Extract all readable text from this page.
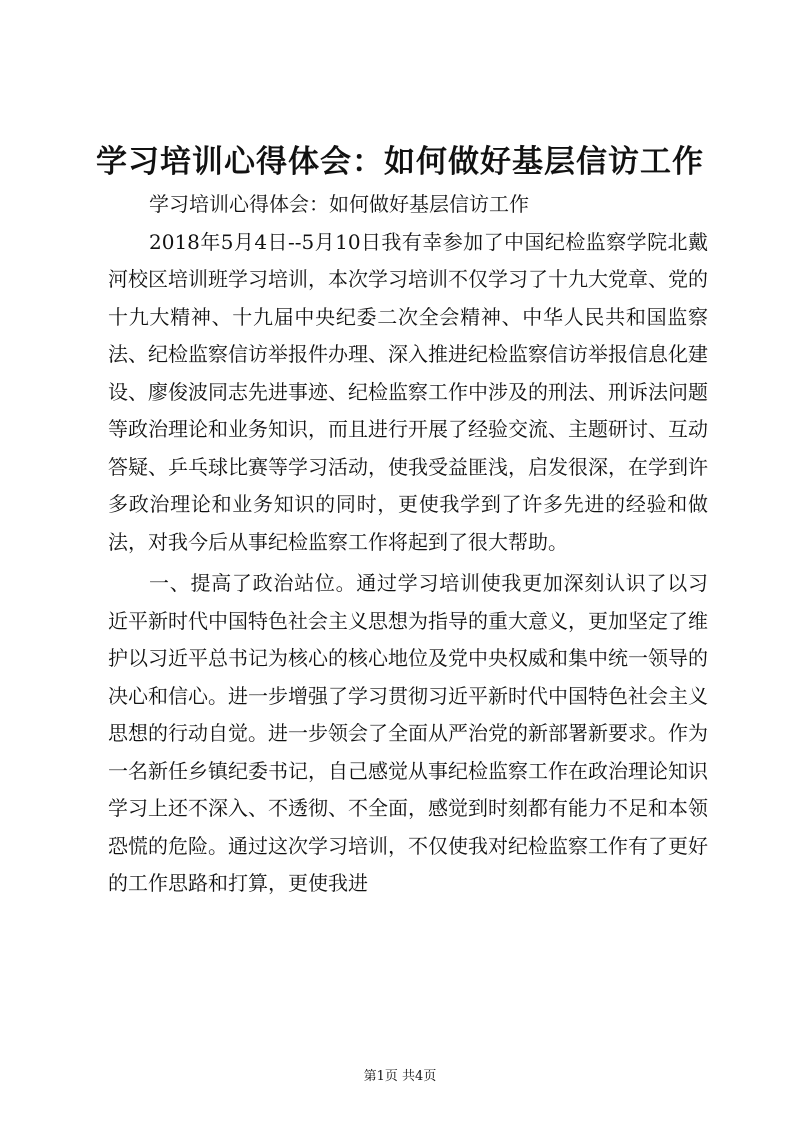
学习培训心得体会：如何做好基层信访工作

学习培训心得体会：如何做好基层信访工作

2018年5月4日--5月10日我有幸参加了中国纪检监察学院北戴河校区培训班学习培训，本次学习培训不仅学习了十九大党章、党的十九大精神、十九届中央纪委二次全会精神、中华人民共和国监察法、纪检监察信访举报件办理、深入推进纪检监察信访举报信息化建设、廖俊波同志先进事迹、纪检监察工作中涉及的刑法、刑诉法问题等政治理论和业务知识，而且进行开展了经验交流、主题研讨、互动答疑、乒乓球比赛等学习活动，使我受益匪浅，启发很深，在学到许多政治理论和业务知识的同时，更使我学到了许多先进的经验和做法，对我今后从事纪检监察工作将起到了很大帮助。

一、提高了政治站位。通过学习培训使我更加深刻认识了以习近平新时代中国特色社会主义思想为指导的重大意义，更加坚定了维护以习近平总书记为核心的核心地位及党中央权威和集中统一领导的决心和信心。进一步增强了学习贯彻习近平新时代中国特色社会主义思想的行动自觉。进一步领会了全面从严治党的新部署新要求。作为一名新任乡镇纪委书记，自己感觉从事纪检监察工作在政治理论知识学习上还不深入、不透彻、不全面，感觉到时刻都有能力不足和本领恐慌的危险。通过这次学习培训，不仅使我对纪检监察工作有了更好的工作思路和打算，更使我进

第1页 共4页
